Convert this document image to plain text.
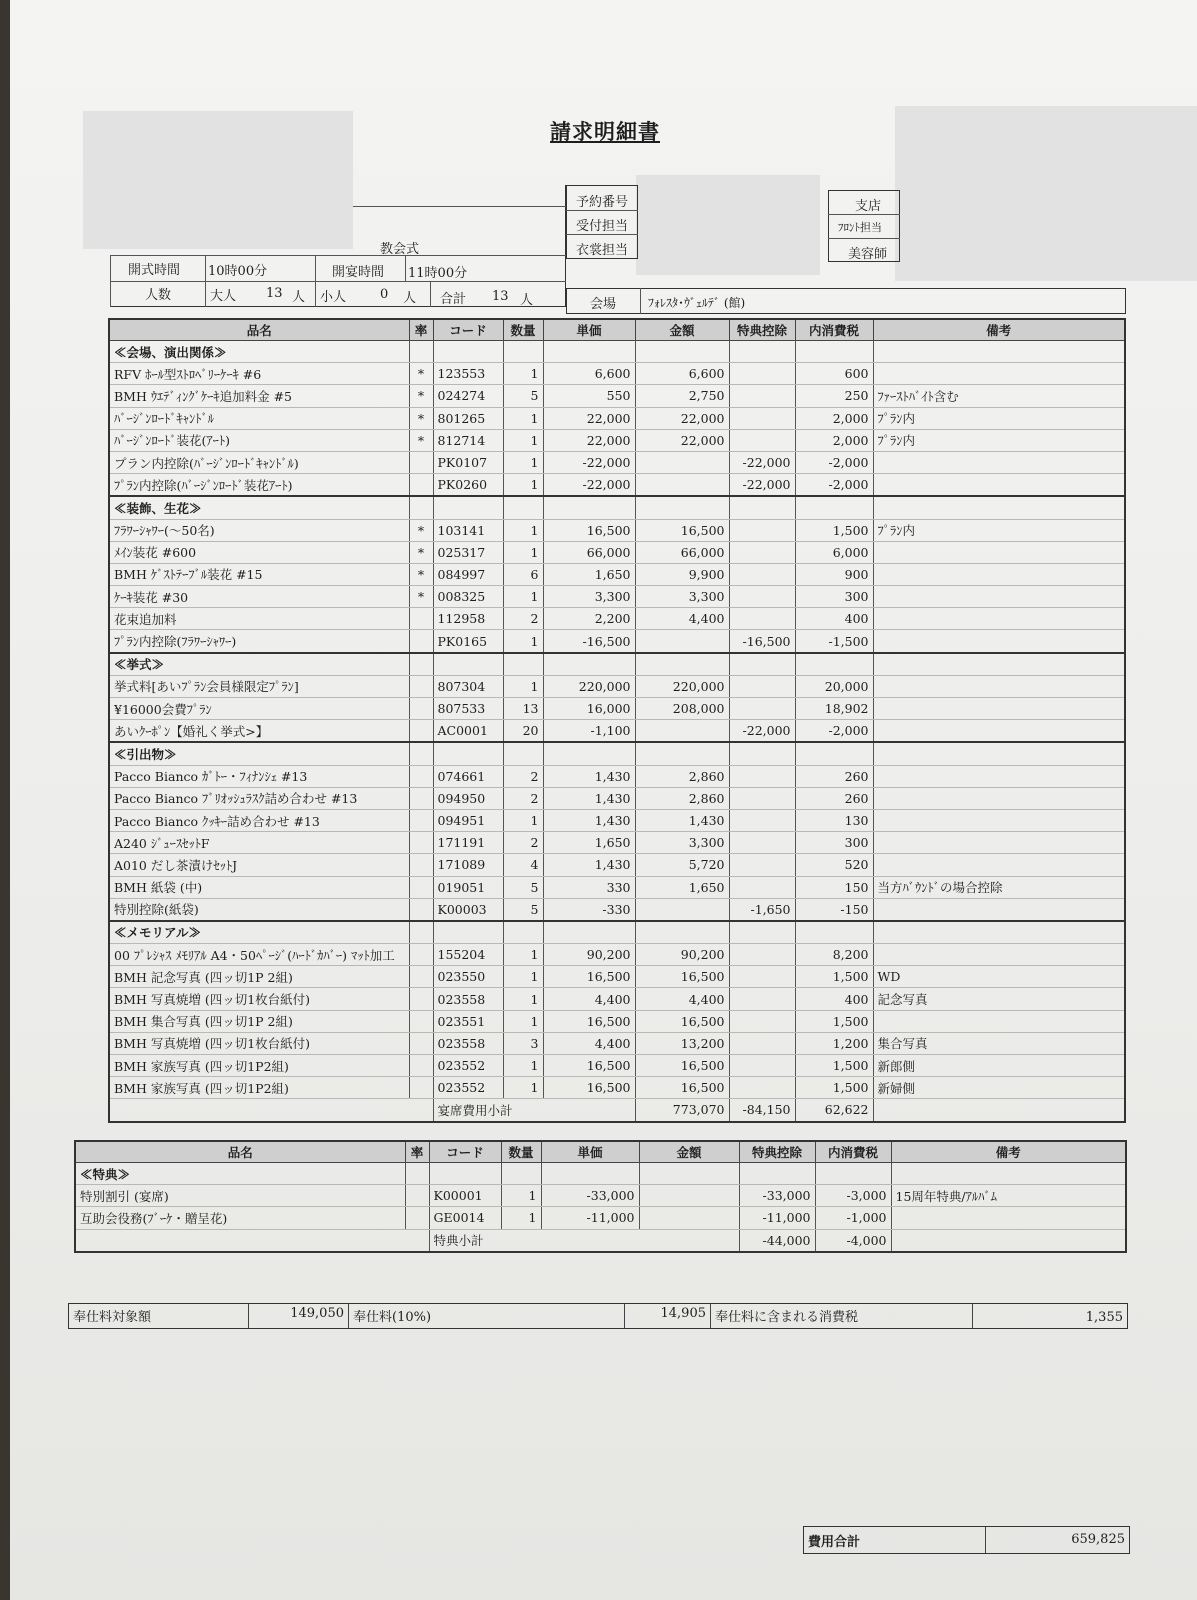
請求明細書
教会式
開式時間 10時00分	開宴時間 11時00分
人数	大人 13 人 小人	0 人 合計 13 人
予約番号
受付担当
衣裳担当
支店
ﾌﾛﾝﾄ担当
美容師
会場	ﾌｫﾚｽﾀ･ｳﾞｪﾙﾃﾞ (館)
品名	率	コード	数量	単価	金額	特典控除	内消費税	備考
≪会場、演出関係≫								
RFV ﾎｰﾙ型ｽﾄﾛﾍﾞﾘｰｹｰｷ #6	*	123553	1	6,600	6,600		600	
BMH ｳｴﾃﾞｨﾝｸﾞｹｰｷ追加料金 #5	*	024274	5	550	2,750		250	ﾌｧｰｽﾄﾊﾞｲﾄ含む
ﾊﾞｰｼﾞﾝﾛｰﾄﾞｷｬﾝﾄﾞﾙ	*	801265	1	22,000	22,000		2,000	ﾌﾟﾗﾝ内
ﾊﾞｰｼﾞﾝﾛｰﾄﾞ装花(ｱｰﾄ)	*	812714	1	22,000	22,000		2,000	ﾌﾟﾗﾝ内
プラン内控除(ﾊﾞｰｼﾞﾝﾛｰﾄﾞｷｬﾝﾄﾞﾙ)		PK0107	1	-22,000		-22,000	-2,000	
ﾌﾟﾗﾝ内控除(ﾊﾞｰｼﾞﾝﾛｰﾄﾞ装花ｱｰﾄ)		PK0260	1	-22,000		-22,000	-2,000	
≪装飾、生花≫								
ﾌﾗﾜｰｼｬﾜｰ(～50名)	*	103141	1	16,500	16,500		1,500	ﾌﾟﾗﾝ内
ﾒｲﾝ装花 #600	*	025317	1	66,000	66,000		6,000	
BMH ｹﾞｽﾄﾃｰﾌﾞﾙ装花 #15	*	084997	6	1,650	9,900		900	
ｹｰｷ装花 #30	*	008325	1	3,300	3,300		300	
花束追加料		112958	2	2,200	4,400		400	
ﾌﾟﾗﾝ内控除(ﾌﾗﾜｰｼｬﾜｰ)		PK0165	1	-16,500		-16,500	-1,500	
≪挙式≫								
挙式料[あいﾌﾟﾗﾝ会員様限定ﾌﾟﾗﾝ]		807304	1	220,000	220,000		20,000	
¥16000会費ﾌﾟﾗﾝ		807533	13	16,000	208,000		18,902	
あいｸｰﾎﾟﾝ【婚礼く挙式>】		AC0001	20	-1,100		-22,000	-2,000	
≪引出物≫								
Pacco Bianco ｶﾞﾄｰ・ﾌｨﾅﾝｼｪ #13		074661	2	1,430	2,860		260	
Pacco Bianco ﾌﾞﾘｵｯｼｭﾗｽｸ詰め合わせ #13		094950	2	1,430	2,860		260	
Pacco Bianco ｸｯｷｰ詰め合わせ #13		094951	1	1,430	1,430		130	
A240 ｼﾞｭｰｽｾｯﾄF		171191	2	1,650	3,300		300	
A010 だし茶漬けｾｯﾄJ		171089	4	1,430	5,720		520	
BMH 紙袋 (中)		019051	5	330	1,650		150	当方ﾊﾞｳﾝﾄﾞの場合控除
特別控除(紙袋)		K00003	5	-330		-1,650	-150	
≪メモリアル≫								
00 ﾌﾟﾚｼｬｽ ﾒﾓﾘｱﾙ A4・50ﾍﾟｰｼﾞ(ﾊｰﾄﾞｶﾊﾞｰ) ﾏｯﾄ加工		155204	1	90,200	90,200		8,200	
BMH 記念写真 (四ッ切1P 2組)		023550	1	16,500	16,500		1,500	WD
BMH 写真焼増 (四ッ切1枚台紙付)		023558	1	4,400	4,400		400	記念写真
BMH 集合写真 (四ッ切1P 2組)		023551	1	16,500	16,500		1,500	
BMH 写真焼増 (四ッ切1枚台紙付)		023558	3	4,400	13,200		1,200	集合写真
BMH 家族写真 (四ッ切1P2組)		023552	1	16,500	16,500		1,500	新郎側
BMH 家族写真 (四ッ切1P2組)		023552	1	16,500	16,500		1,500	新婦側
		宴席費用小計			773,070	-84,150	62,622	
品名	率	コード	数量	単価	金額	特典控除	内消費税	備考
≪特典≫								
特別割引 (宴席)		K00001	1	-33,000		-33,000	-3,000	15周年特典/ｱﾙﾊﾞﾑ
互助会役務(ﾌﾞｰｹ・贈呈花)		GE0014	1	-11,000		-11,000	-1,000	
		特典小計				-44,000	-4,000	
奉仕料対象額	149,050 奉仕料(10%)	14,905 奉仕料に含まれる消費税	1,355
費用合計	659,825
